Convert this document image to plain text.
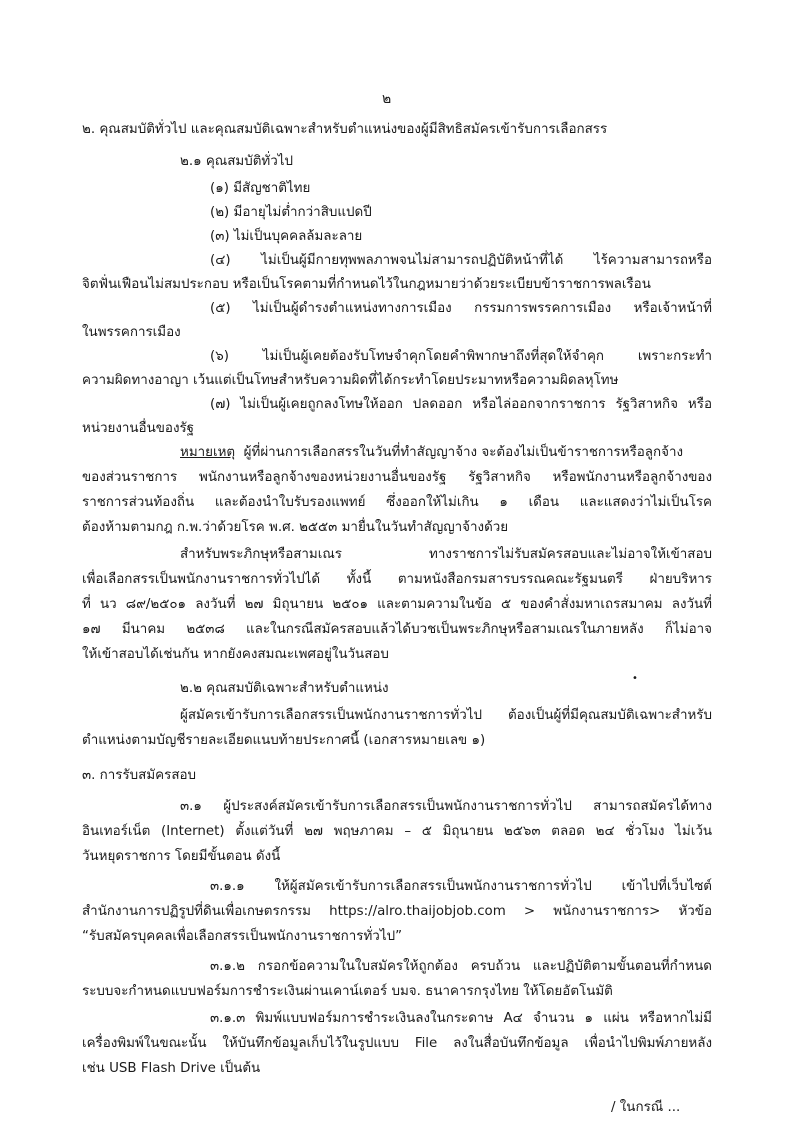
๒
๒. คุณสมบัติทั่วไป และคุณสมบัติเฉพาะสำหรับตำแหน่งของผู้มีสิทธิสมัครเข้ารับการเลือกสรร
๒.๑ คุณสมบัติทั่วไป
(๑) มีสัญชาติไทย
(๒) มีอายุไม่ต่ำกว่าสิบแปดปี
(๓) ไม่เป็นบุคคลล้มละลาย
(๔) ไม่เป็นผู้มีกายทุพพลภาพจนไม่สามารถปฏิบัติหน้าที่ได้ ไร้ความสามารถหรือ
จิตฟั่นเฟือนไม่สมประกอบ หรือเป็นโรคตามที่กำหนดไว้ในกฎหมายว่าด้วยระเบียบข้าราชการพลเรือน
(๕) ไม่เป็นผู้ดำรงตำแหน่งทางการเมือง กรรมการพรรคการเมือง หรือเจ้าหน้าที่
ในพรรคการเมือง
(๖) ไม่เป็นผู้เคยต้องรับโทษจำคุกโดยคำพิพากษาถึงที่สุดให้จำคุก เพราะกระทำ
ความผิดทางอาญา เว้นแต่เป็นโทษสำหรับความผิดที่ได้กระทำโดยประมาทหรือความผิดลหุโทษ
(๗) ไม่เป็นผู้เคยถูกลงโทษให้ออก ปลดออก หรือไล่ออกจากราชการ รัฐวิสาหกิจ หรือ
หน่วยงานอื่นของรัฐ
หมายเหตุ ผู้ที่ผ่านการเลือกสรรในวันที่ทำสัญญาจ้าง จะต้องไม่เป็นข้าราชการหรือลูกจ้าง
ของส่วนราชการ พนักงานหรือลูกจ้างของหน่วยงานอื่นของรัฐ รัฐวิสาหกิจ หรือพนักงานหรือลูกจ้างของ
ราชการส่วนท้องถิ่น และต้องนำใบรับรองแพทย์ ซึ่งออกให้ไม่เกิน ๑ เดือน และแสดงว่าไม่เป็นโรค
ต้องห้ามตามกฎ ก.พ.ว่าด้วยโรค พ.ศ. ๒๕๕๓ มายื่นในวันทำสัญญาจ้างด้วย
สำหรับพระภิกษุหรือสามเณร ทางราชการไม่รับสมัครสอบและไม่อาจให้เข้าสอบ
เพื่อเลือกสรรเป็นพนักงานราชการทั่วไปได้ ทั้งนี้ ตามหนังสือกรมสารบรรณคณะรัฐมนตรี ฝ่ายบริหาร
ที่ นว ๘๙/๒๕๐๑ ลงวันที่ ๒๗ มิถุนายน ๒๕๐๑ และตามความในข้อ ๕ ของคำสั่งมหาเถรสมาคม ลงวันที่
๑๗ มีนาคม ๒๕๓๘ และในกรณีสมัครสอบแล้วได้บวชเป็นพระภิกษุหรือสามเณรในภายหลัง ก็ไม่อาจ
ให้เข้าสอบได้เช่นกัน หากยังคงสมณะเพศอยู่ในวันสอบ
•
๒.๒ คุณสมบัติเฉพาะสำหรับตำแหน่ง
ผู้สมัครเข้ารับการเลือกสรรเป็นพนักงานราชการทั่วไป ต้องเป็นผู้ที่มีคุณสมบัติเฉพาะสำหรับ
ตำแหน่งตามบัญชีรายละเอียดแนบท้ายประกาศนี้ (เอกสารหมายเลข ๑)
๓. การรับสมัครสอบ
๓.๑ ผู้ประสงค์สมัครเข้ารับการเลือกสรรเป็นพนักงานราชการทั่วไป สามารถสมัครได้ทาง
อินเทอร์เน็ต (Internet) ตั้งแต่วันที่ ๒๗ พฤษภาคม – ๕ มิถุนายน ๒๕๖๓ ตลอด ๒๔ ชั่วโมง ไม่เว้น
วันหยุดราชการ โดยมีขั้นตอน ดังนี้
๓.๑.๑ ให้ผู้สมัครเข้ารับการเลือกสรรเป็นพนักงานราชการทั่วไป เข้าไปที่เว็บไซต์
สำนักงานการปฏิรูปที่ดินเพื่อเกษตรกรรม https://alro.thaijobjob.com > พนักงานราชการ> หัวข้อ
“รับสมัครบุคคลเพื่อเลือกสรรเป็นพนักงานราชการทั่วไป”
๓.๑.๒ กรอกข้อความในใบสมัครให้ถูกต้อง ครบถ้วน และปฏิบัติตามขั้นตอนที่กำหนด
ระบบจะกำหนดแบบฟอร์มการชำระเงินผ่านเคาน์เตอร์ บมจ. ธนาคารกรุงไทย ให้โดยอัตโนมัติ
๓.๑.๓ พิมพ์แบบฟอร์มการชำระเงินลงในกระดาษ A๔ จำนวน ๑ แผ่น หรือหากไม่มี
เครื่องพิมพ์ในขณะนั้น ให้บันทึกข้อมูลเก็บไว้ในรูปแบบ File ลงในสื่อบันทึกข้อมูล เพื่อนำไปพิมพ์ภายหลัง
เช่น USB Flash Drive เป็นต้น
/ ในกรณี ...
